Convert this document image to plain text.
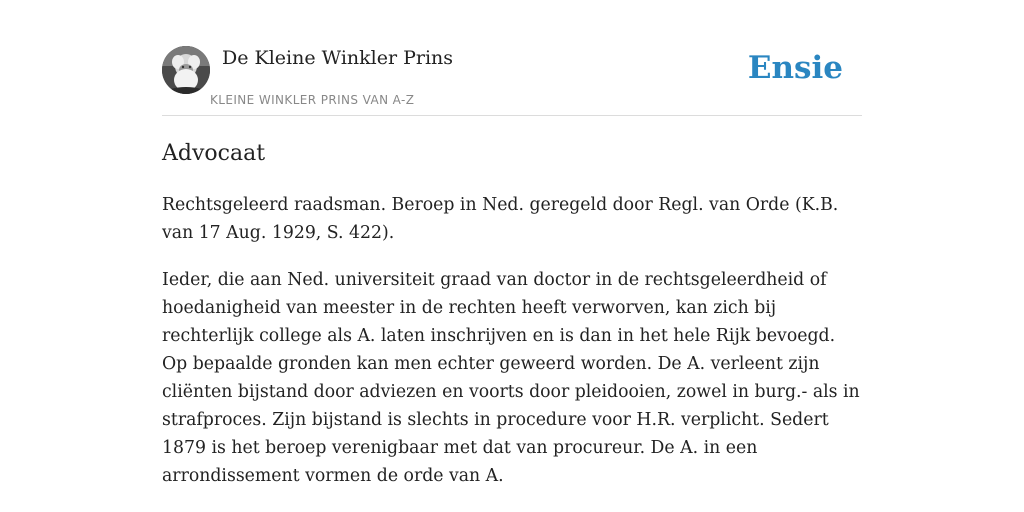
De Kleine Winkler Prins
KLEINE WINKLER PRINS VAN A-Z
Ensie
Advocaat

Rechtsgeleerd raadsman. Beroep in Ned. geregeld door Regl. van Orde (K.B. van 17 Aug. 1929, S. 422).

Ieder, die aan Ned. universiteit graad van doctor in de rechtsgeleerdheid of hoedanigheid van meester in de rechten heeft verworven, kan zich bij rechterlijk college als A. laten inschrijven en is dan in het hele Rijk bevoegd. Op bepaalde gronden kan men echter geweerd worden. De A. verleent zijn cliënten bijstand door adviezen en voorts door pleidooien, zowel in burg.- als in strafproces. Zijn bijstand is slechts in procedure voor H.R. verplicht. Sedert 1879 is het beroep verenigbaar met dat van procureur. De A. in een arrondissement vormen de orde van A.
